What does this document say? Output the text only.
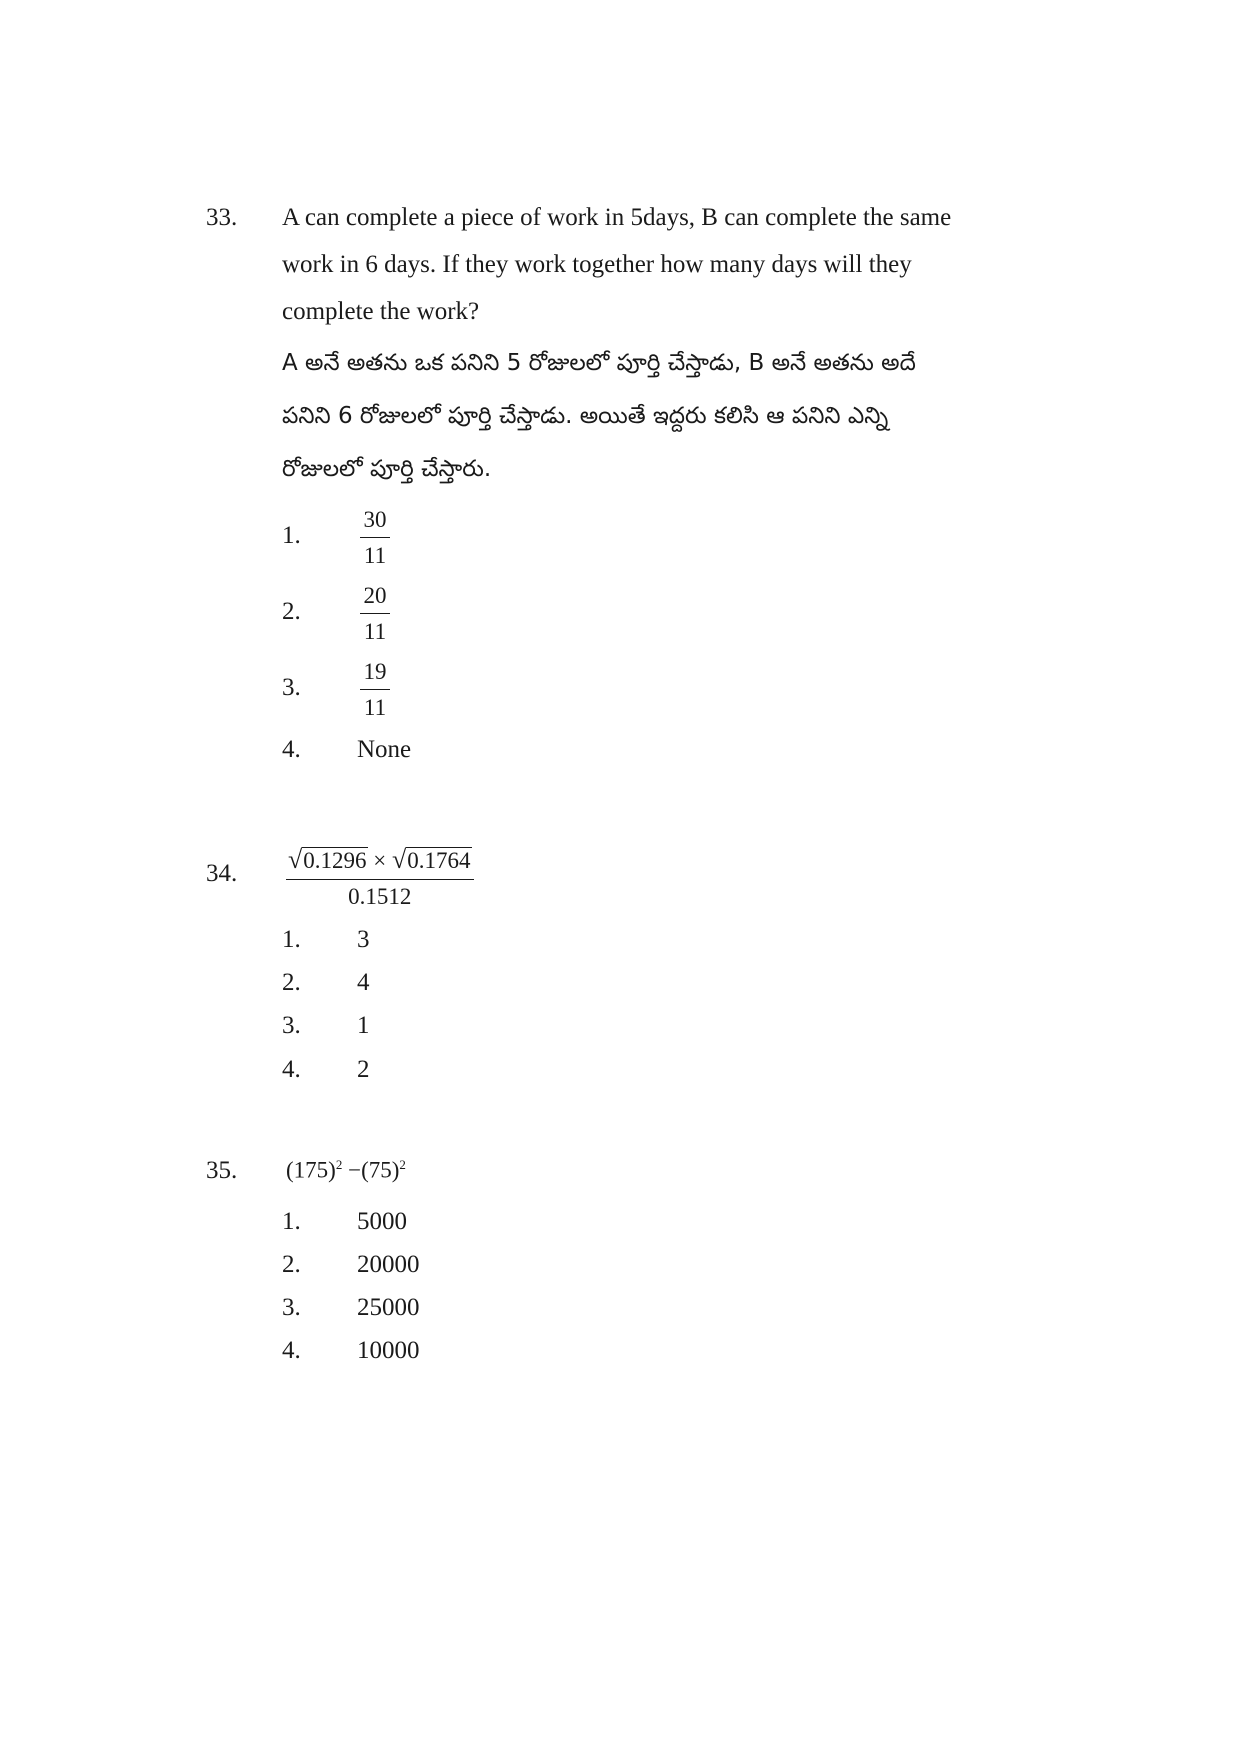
33. A can complete a piece of work in 5days, B can complete the same
work in 6 days. If they work together how many days will they
complete the work?
A అనే అతను ఒక పనిని 5 రోజులలో పూర్తి చేస్తాడు, B అనే అతను అదే
పనిని 6 రోజులలో పూర్తి చేస్తాడు. అయితే ఇద్దరు కలిసి ఆ పనిని ఎన్ని
రోజులలో పూర్తి చేస్తారు.
1.	$\frac{30}{11}$
2.	$\frac{20}{11}$
3.	$\frac{19}{11}$
4. None
34. $\frac{√0.1296 \times √0.1764}{0.1512}$
1. 3
2. 4
3. 1
4. 2
35. $(175)^2 -(75)^2$
1. 5000
2. 20000
3. 25000
4. 10000
